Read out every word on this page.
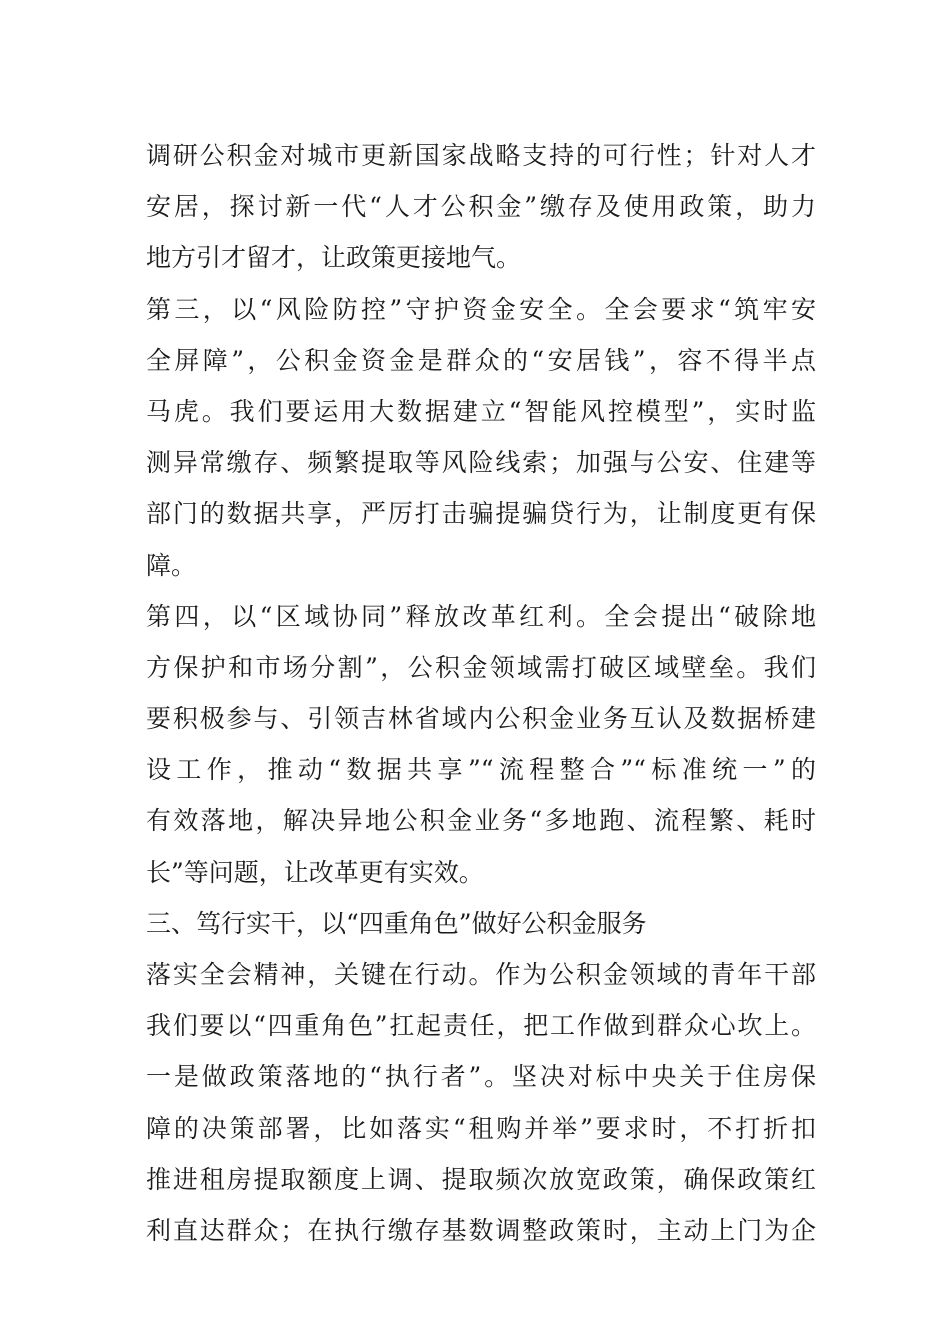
调研公积金对城市更新国家战略支持的可行性；针对人才
安居，探讨新一代“人才公积金”缴存及使用政策，助力
地方引才留才，让政策更接地气。
第三，以“风险防控”守护资金安全。全会要求“筑牢安
全屏障”，公积金资金是群众的“安居钱”，容不得半点
马虎。我们要运用大数据建立“智能风控模型”，实时监
测异常缴存、频繁提取等风险线索；加强与公安、住建等
部门的数据共享，严厉打击骗提骗贷行为，让制度更有保
障。
第四，以“区域协同”释放改革红利。全会提出“破除地
方保护和市场分割”，公积金领域需打破区域壁垒。我们
要积极参与、引领吉林省域内公积金业务互认及数据桥建
设工作，推动“数据共享”“流程整合”“标准统一”的
有效落地，解决异地公积金业务“多地跑、流程繁、耗时
长”等问题，让改革更有实效。
三、笃行实干，以“四重角色”做好公积金服务
落实全会精神，关键在行动。作为公积金领域的青年干部
我们要以“四重角色”扛起责任，把工作做到群众心坎上。
一是做政策落地的“执行者”。坚决对标中央关于住房保
障的决策部署，比如落实“租购并举”要求时，不打折扣
推进租房提取额度上调、提取频次放宽政策，确保政策红
利直达群众；在执行缴存基数调整政策时，主动上门为企
